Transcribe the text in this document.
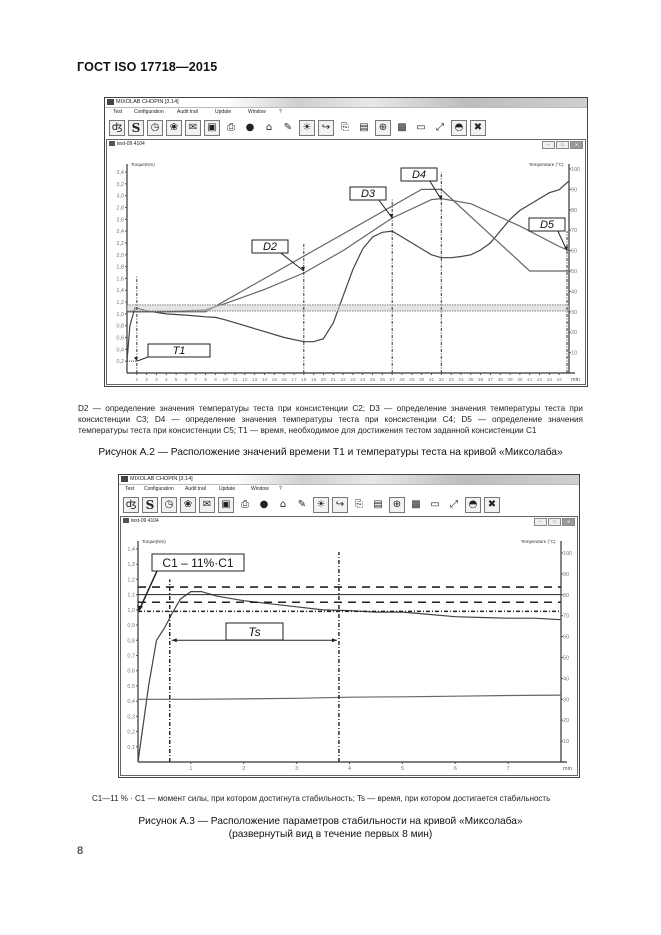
ГОСТ ISO 17718—2015
MIXOLAB CHOPIN [3.14]
Test Configuration	Audit trail	Update	Window	?
ʤ S	◷	❀	✉	▣	⎙	●	⌂	✎	☀	↪	⎘	▤	⊕	▩ ▭	⤢	◓	✖
test-09 4104	−	□	✕
Torque(Nm)	Temperature (°C)
0,2
0,4
0,6
0,8
1,0
1,2
1,4
1,6
1,8
2,0
2,2
2,4
2,6
2,8
3,0
3,2
3,4
10
20
30
40
50
60
70
80
90
100
1 2 3 4 5 6 7 8 9 10 11 12 13 14 15 16 17 18 19 20 21 22 23 24 25 26 27 28 29 30 31 32 33 34 35 36 37 38 39 40 41 42 43 44 min
T1
D2
D3
D4
D5
MIXOLAB CHOPIN [3.14]
Test Configuration Audit trail	Update	Window ?
ʤ S	◷	❀	✉	▣	⎙	●	⌂	✎	☀	↪	⎘	▤	⊕	▩ ▭	⤢	◓	✖
test-09 4104	−	□	✕
Torque(Nm)	Temperature (°C)
0,1
0,2
0,3
0,4
0,5
0,6
0,7
0,8
0,9
1,0
1,1
1,2
1,3
1,4
10
20
30
40
50
60
70
80
90
100
1	2	3	4	5	6	7	min
Ts
C1 – 11%·C1
D2 — определение значения температуры теста при консистенции C2; D3 — определение значения температуры теста при консистенции C3; D4 — определение значения температуры теста при консистенции C4; D5 — определение значения температуры теста при консистенции C5; T1 — время, необходимое для достижения тестом заданной консистенции C1
Рисунок А.2 — Расположение значений времени Т1 и температуры теста на кривой «Миксолаба»
C1—11 % · C1 — момент силы, при котором достигнута стабильность; Ts — время, при котором достигается стабильность
Рисунок А.3 — Расположение параметров стабильности на кривой «Миксолаба»
(развернутый вид в течение первых 8 мин)
8
